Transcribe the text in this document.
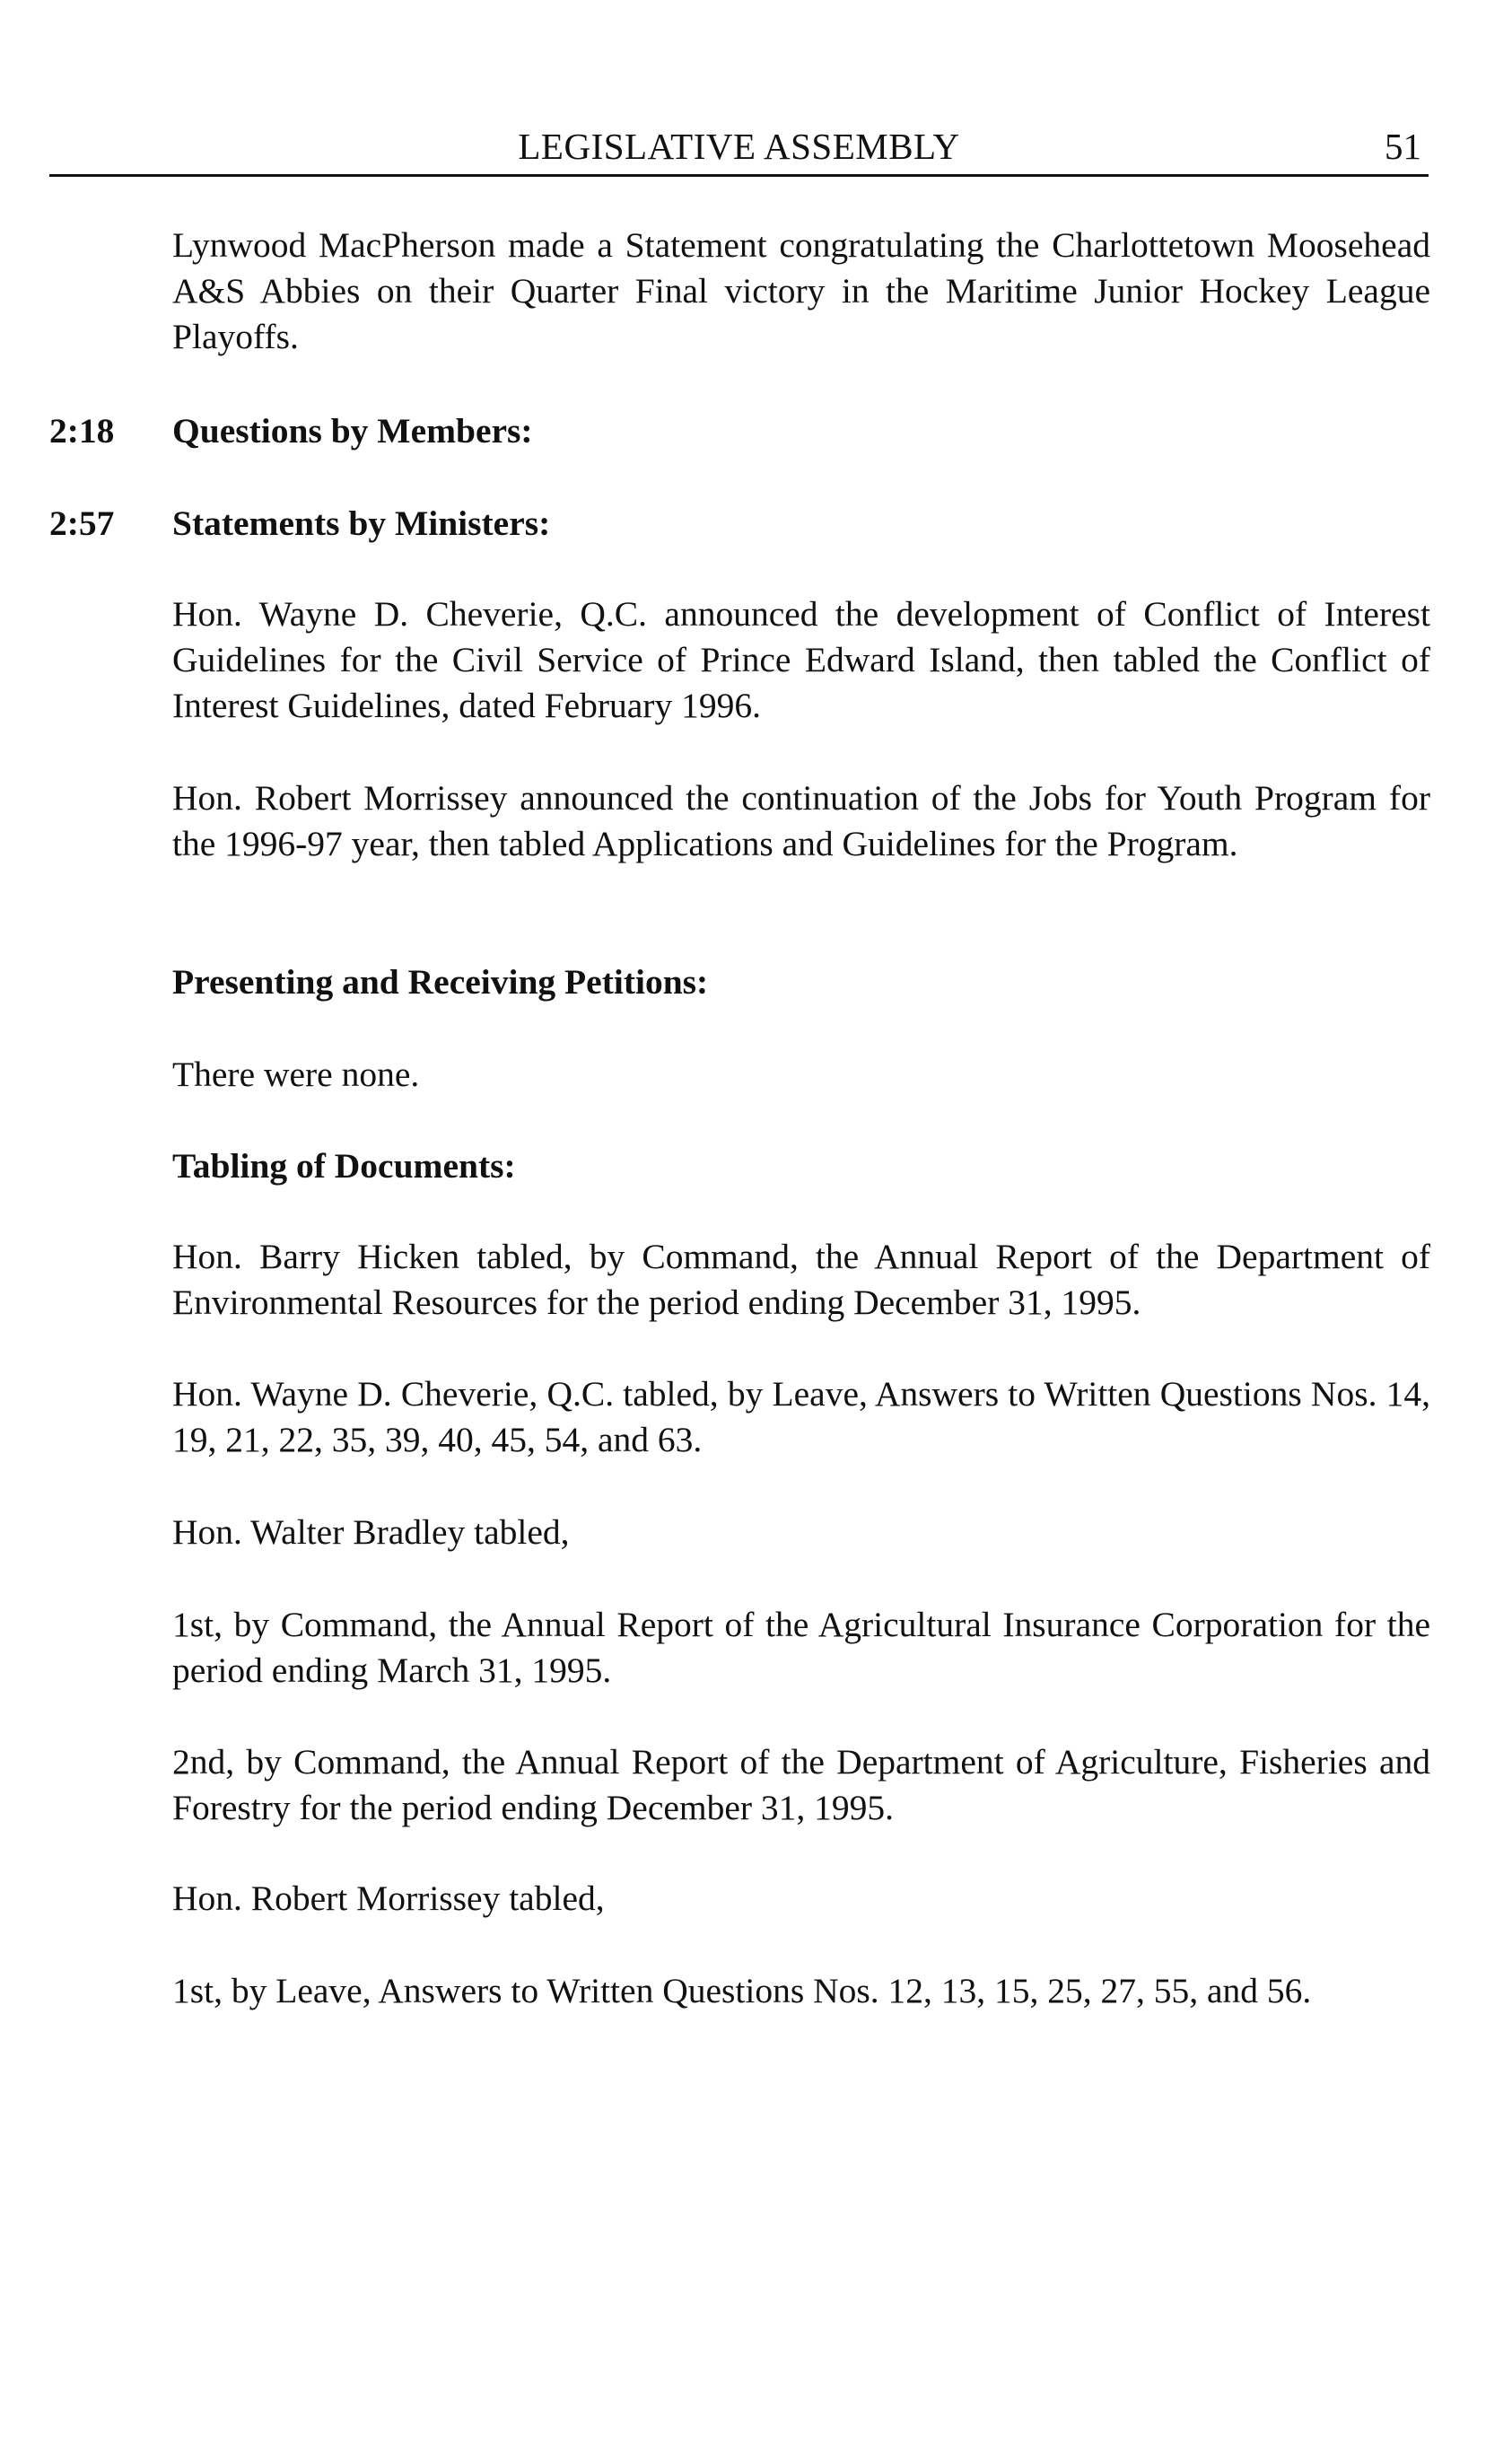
LEGISLATIVE ASSEMBLY	51

Lynwood MacPherson made a Statement congratulating the Charlottetown Moosehead A&S Abbies on their Quarter Final victory in the Maritime Junior Hockey League Playoffs.

2:18 Questions by Members:
2:57 Statements by Ministers:

Hon. Wayne D. Cheverie, Q.C. announced the development of Conflict of Interest Guidelines for the Civil Service of Prince Edward Island, then tabled the Conflict of Interest Guidelines, dated February 1996.

Hon. Robert Morrissey announced the continuation of the Jobs for Youth Program for the 1996-97 year, then tabled Applications and Guidelines for the Program.

Presenting and Receiving Petitions:

There were none.

Tabling of Documents:

Hon. Barry Hicken tabled, by Command, the Annual Report of the Department of Environmental Resources for the period ending December 31, 1995.

Hon. Wayne D. Cheverie, Q.C. tabled, by Leave, Answers to Written Questions Nos. 14, 19, 21, 22, 35, 39, 40, 45, 54, and 63.

Hon. Walter Bradley tabled,

1st, by Command, the Annual Report of the Agricultural Insurance Corporation for the period ending March 31, 1995.

2nd, by Command, the Annual Report of the Department of Agriculture, Fisheries and Forestry for the period ending December 31, 1995.

Hon. Robert Morrissey tabled,

1st, by Leave, Answers to Written Questions Nos. 12, 13, 15, 25, 27, 55, and 56.
